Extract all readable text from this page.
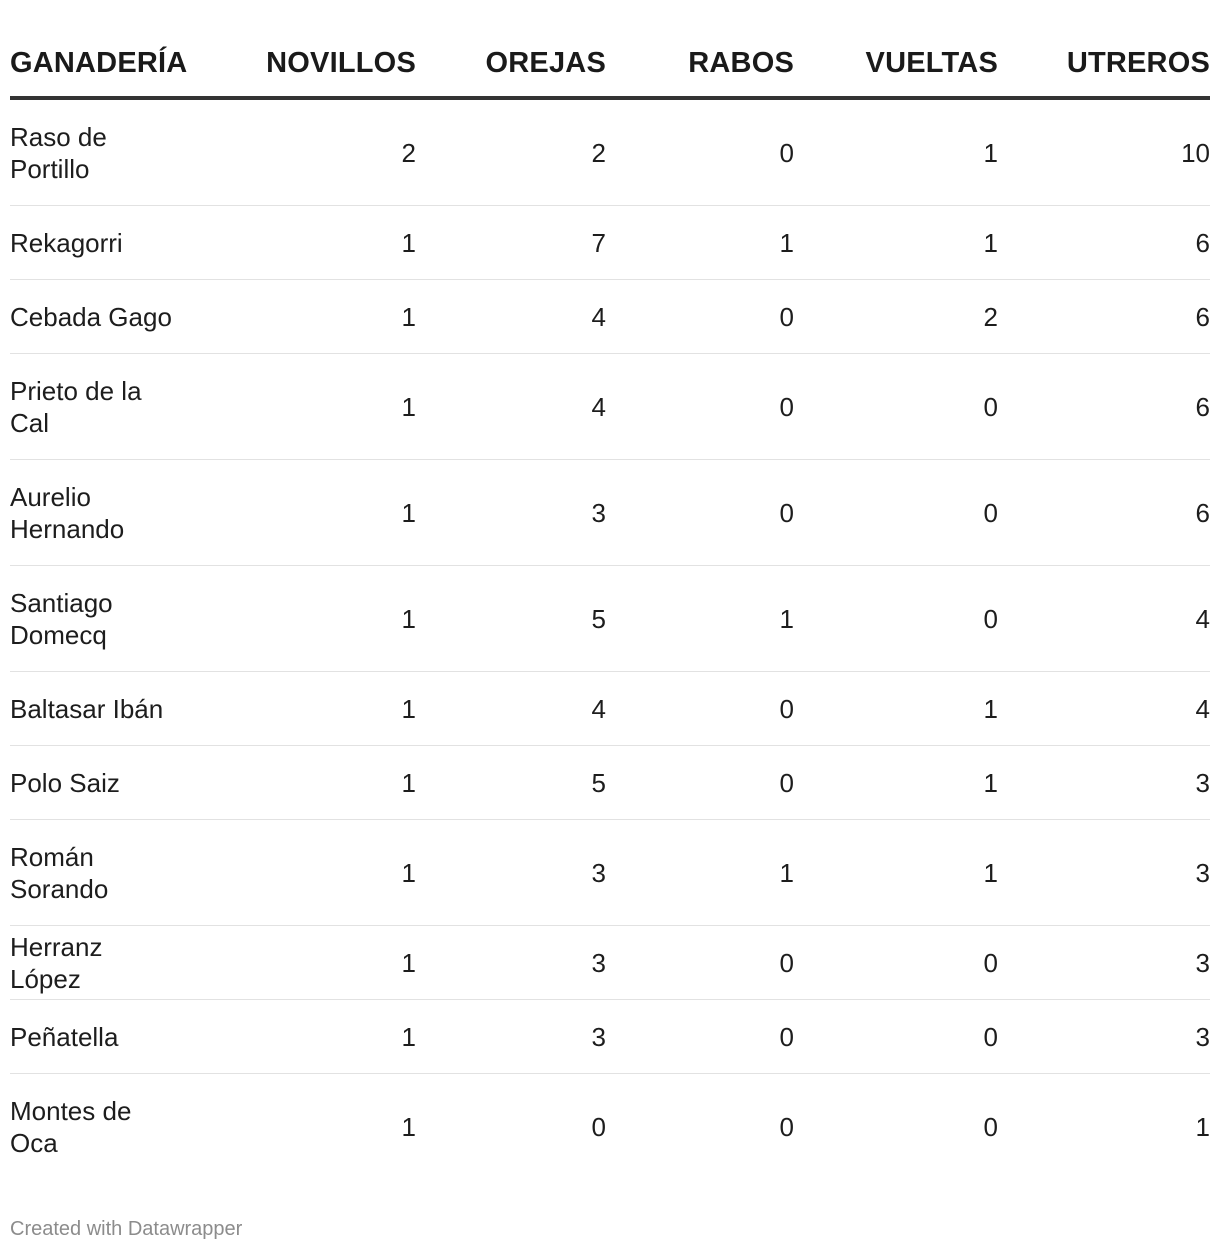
GANADERÍA	NOVILLOS	OREJAS	RABOS	VUELTAS	UTREROS
Raso de Portillo	2	2	0	1	10
Rekagorri	1	7	1	1	6
Cebada Gago	1	4	0	2	6
Prieto de la Cal	1	4	0	0	6
Aurelio Hernando	1	3	0	0	6
Santiago Domecq	1	5	1	0	4
Baltasar Ibán	1	4	0	1	4
Polo Saiz	1	5	0	1	3
Román Sorando	1	3	1	1	3
Herranz López	1	3	0	0	3
Peñatella	1	3	0	0	3
Montes de Oca	1	0	0	0	1
Created with Datawrapper
